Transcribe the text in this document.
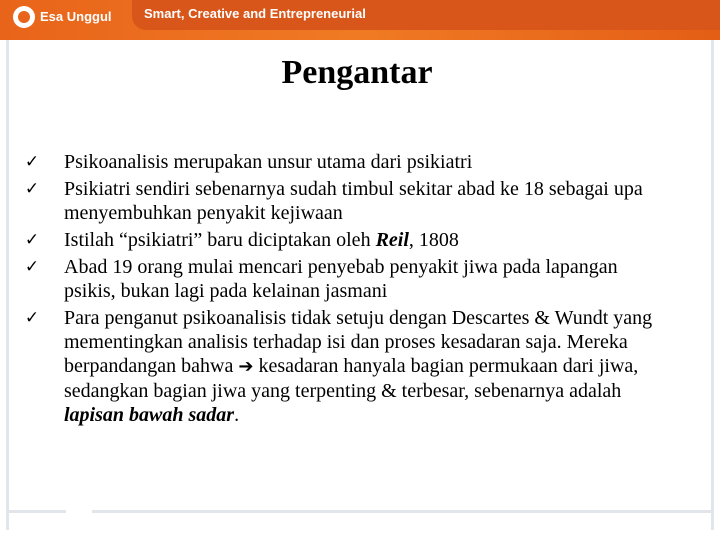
Esa Unggul Smart, Creative and Entrepreneurial
Pengantar
✓ Psikoanalisis merupakan unsur utama dari psikiatri
✓ Psikiatri sendiri sebenarnya sudah timbul sekitar abad ke 18 sebagai upa menyembuhkan penyakit kejiwaan
✓ Istilah “psikiatri” baru diciptakan oleh Reil, 1808
✓ Abad 19 orang mulai mencari penyebab penyakit jiwa pada lapangan psikis, bukan lagi pada kelainan jasmani
✓ Para penganut psikoanalisis tidak setuju dengan Descartes & Wundt yang mementingkan analisis terhadap isi dan proses kesadaran saja. Mereka berpandangan bahwa ➔ kesadaran hanyala bagian permukaan dari jiwa, sedangkan bagian jiwa yang terpenting & terbesar, sebenarnya adalah lapisan bawah sadar.
